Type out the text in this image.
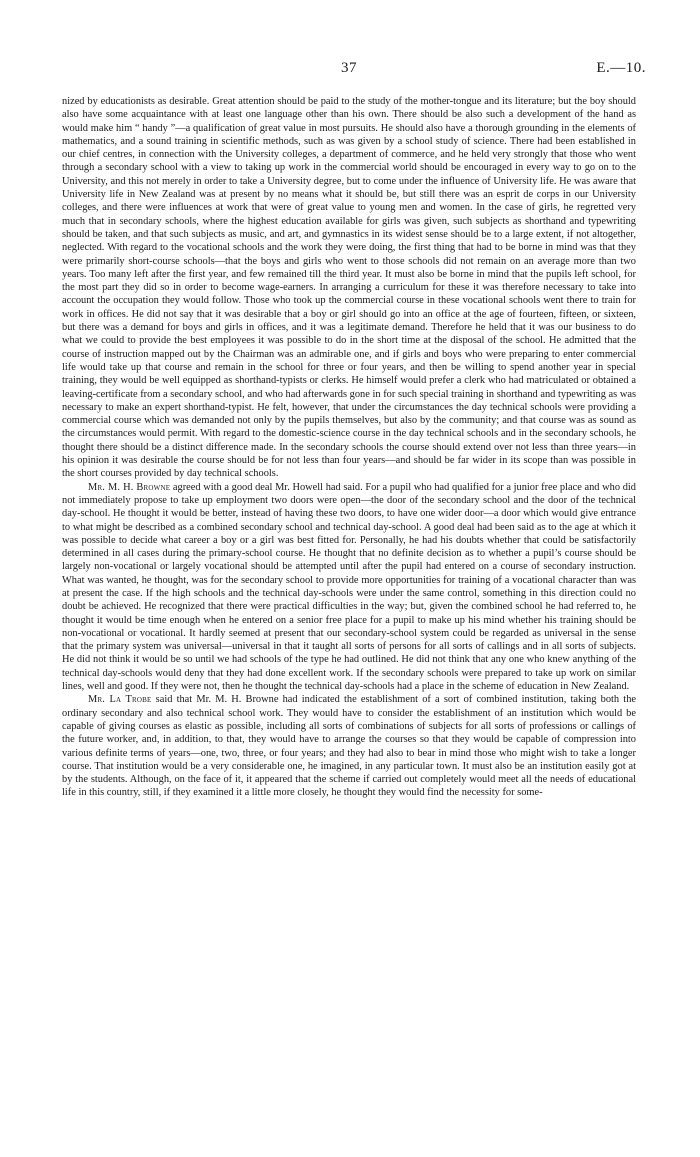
37	E.—10.

nized by educationists as desirable. Great attention should be paid to the study of the mother-tongue and its literature; but the boy should also have some acquaintance with at least one language other than his own. There should be also such a development of the hand as would make him “ handy ”—a qualification of great value in most pursuits. He should also have a thorough grounding in the elements of mathematics, and a sound training in scientific methods, such as was given by a school study of science. There had been established in our chief centres, in connection with the University colleges, a department of commerce, and he held very strongly that those who went through a secondary school with a view to taking up work in the commercial world should be encouraged in every way to go on to the University, and this not merely in order to take a University degree, but to come under the influence of University life. He was aware that University life in New Zealand was at present by no means what it should be, but still there was an esprit de corps in our University colleges, and there were influences at work that were of great value to young men and women. In the case of girls, he regretted very much that in secondary schools, where the highest education available for girls was given, such subjects as shorthand and typewriting should be taken, and that such subjects as music, and art, and gymnastics in its widest sense should be to a large extent, if not altogether, neglected. With regard to the vocational schools and the work they were doing, the first thing that had to be borne in mind was that they were primarily short-course schools—that the boys and girls who went to those schools did not remain on an average more than two years. Too many left after the first year, and few remained till the third year. It must also be borne in mind that the pupils left school, for the most part they did so in order to become wage-earners. In arranging a curriculum for these it was therefore necessary to take into account the occupation they would follow. Those who took up the commercial course in these vocational schools went there to train for work in offices. He did not say that it was desirable that a boy or girl should go into an office at the age of fourteen, fifteen, or sixteen, but there was a demand for boys and girls in offices, and it was a legitimate demand. Therefore he held that it was our business to do what we could to provide the best employees it was possible to do in the short time at the disposal of the school. He admitted that the course of instruction mapped out by the Chairman was an admirable one, and if girls and boys who were preparing to enter commercial life would take up that course and remain in the school for three or four years, and then be willing to spend another year in special training, they would be well equipped as shorthand-typists or clerks. He himself would prefer a clerk who had matriculated or obtained a leaving-certificate from a secondary school, and who had afterwards gone in for such special training in shorthand and typewriting as was necessary to make an expert shorthand-typist. He felt, however, that under the circumstances the day technical schools were providing a commercial course which was demanded not only by the pupils themselves, but also by the community; and that course was as sound as the circumstances would permit. With regard to the domestic-science course in the day technical schools and in the secondary schools, he thought there should be a distinct difference made. In the secondary schools the course should extend over not less than three years—in his opinion it was desirable the course should be for not less than four years—and should be far wider in its scope than was possible in the short courses provided by day technical schools.

Mr. M. H. Browne agreed with a good deal Mr. Howell had said. For a pupil who had qualified for a junior free place and who did not immediately propose to take up employment two doors were open—the door of the secondary school and the door of the technical day-school. He thought it would be better, instead of having these two doors, to have one wider door—a door which would give entrance to what might be described as a combined secondary school and technical day-school. A good deal had been said as to the age at which it was possible to decide what career a boy or a girl was best fitted for. Personally, he had his doubts whether that could be satisfactorily determined in all cases during the primary-school course. He thought that no definite decision as to whether a pupil’s course should be largely non-vocational or largely vocational should be attempted until after the pupil had entered on a course of secondary instruction. What was wanted, he thought, was for the secondary school to provide more opportunities for training of a vocational character than was at present the case. If the high schools and the technical day-schools were under the same control, something in this direction could no doubt be achieved. He recognized that there were practical difficulties in the way; but, given the combined school he had referred to, he thought it would be time enough when he entered on a senior free place for a pupil to make up his mind whether his training should be non-vocational or vocational. It hardly seemed at present that our secondary-school system could be regarded as universal in the sense that the primary system was universal—universal in that it taught all sorts of persons for all sorts of callings and in all sorts of subjects. He did not think it would be so until we had schools of the type he had outlined. He did not think that any one who knew anything of the technical day-schools would deny that they had done excellent work. If the secondary schools were prepared to take up work on similar lines, well and good. If they were not, then he thought the technical day-schools had a place in the scheme of education in New Zealand.

Mr. La Trobe said that Mr. M. H. Browne had indicated the establishment of a sort of combined institution, taking both the ordinary secondary and also technical school work. They would have to consider the establishment of an institution which would be capable of giving courses as elastic as possible, including all sorts of combinations of subjects for all sorts of professions or callings of the future worker, and, in addition, to that, they would have to arrange the courses so that they would be capable of compression into various definite terms of years—one, two, three, or four years; and they had also to bear in mind those who might wish to take a longer course. That institution would be a very considerable one, he imagined, in any particular town. It must also be an institution easily got at by the students. Although, on the face of it, it appeared that the scheme if carried out completely would meet all the needs of educational life in this country, still, if they examined it a little more closely, he thought they would find the necessity for some-
